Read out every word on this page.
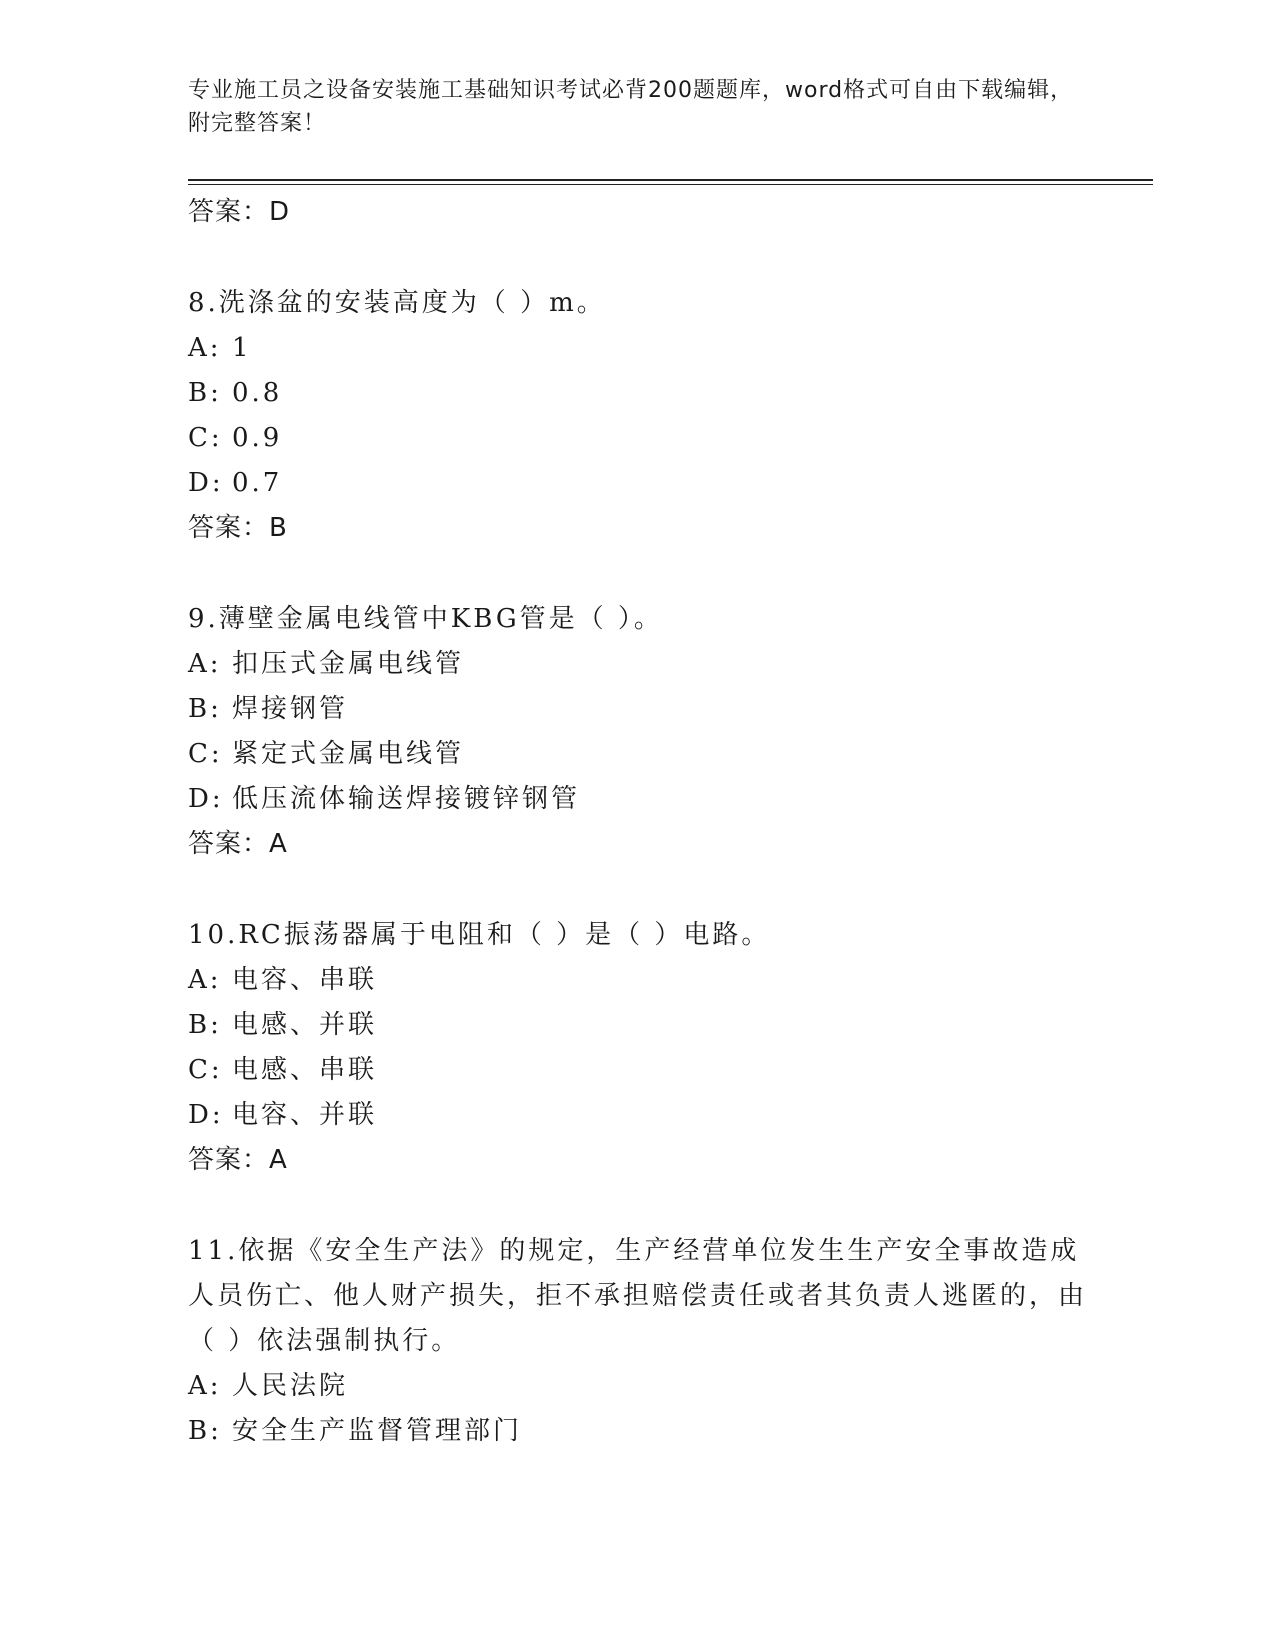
专业施工员之设备安装施工基础知识考试必背200题题库，word格式可自由下载编辑，附完整答案！
答案：D
8.洗涤盆的安装高度为（ ）m。
A: 1
B: 0.8
C: 0.9
D: 0.7
答案：B
9.薄壁金属电线管中KBG管是（ ）。
A: 扣压式金属电线管
B: 焊接钢管
C: 紧定式金属电线管
D: 低压流体输送焊接镀锌钢管
答案：A
10.RC振荡器属于电阻和（ ）是（ ）电路。
A: 电容、串联
B: 电感、并联
C: 电感、串联
D: 电容、并联
答案：A
11.依据《安全生产法》的规定，生产经营单位发生生产安全事故造成人员伤亡、他人财产损失，拒不承担赔偿责任或者其负责人逃匿的，由（ ）依法强制执行。
A: 人民法院
B: 安全生产监督管理部门
